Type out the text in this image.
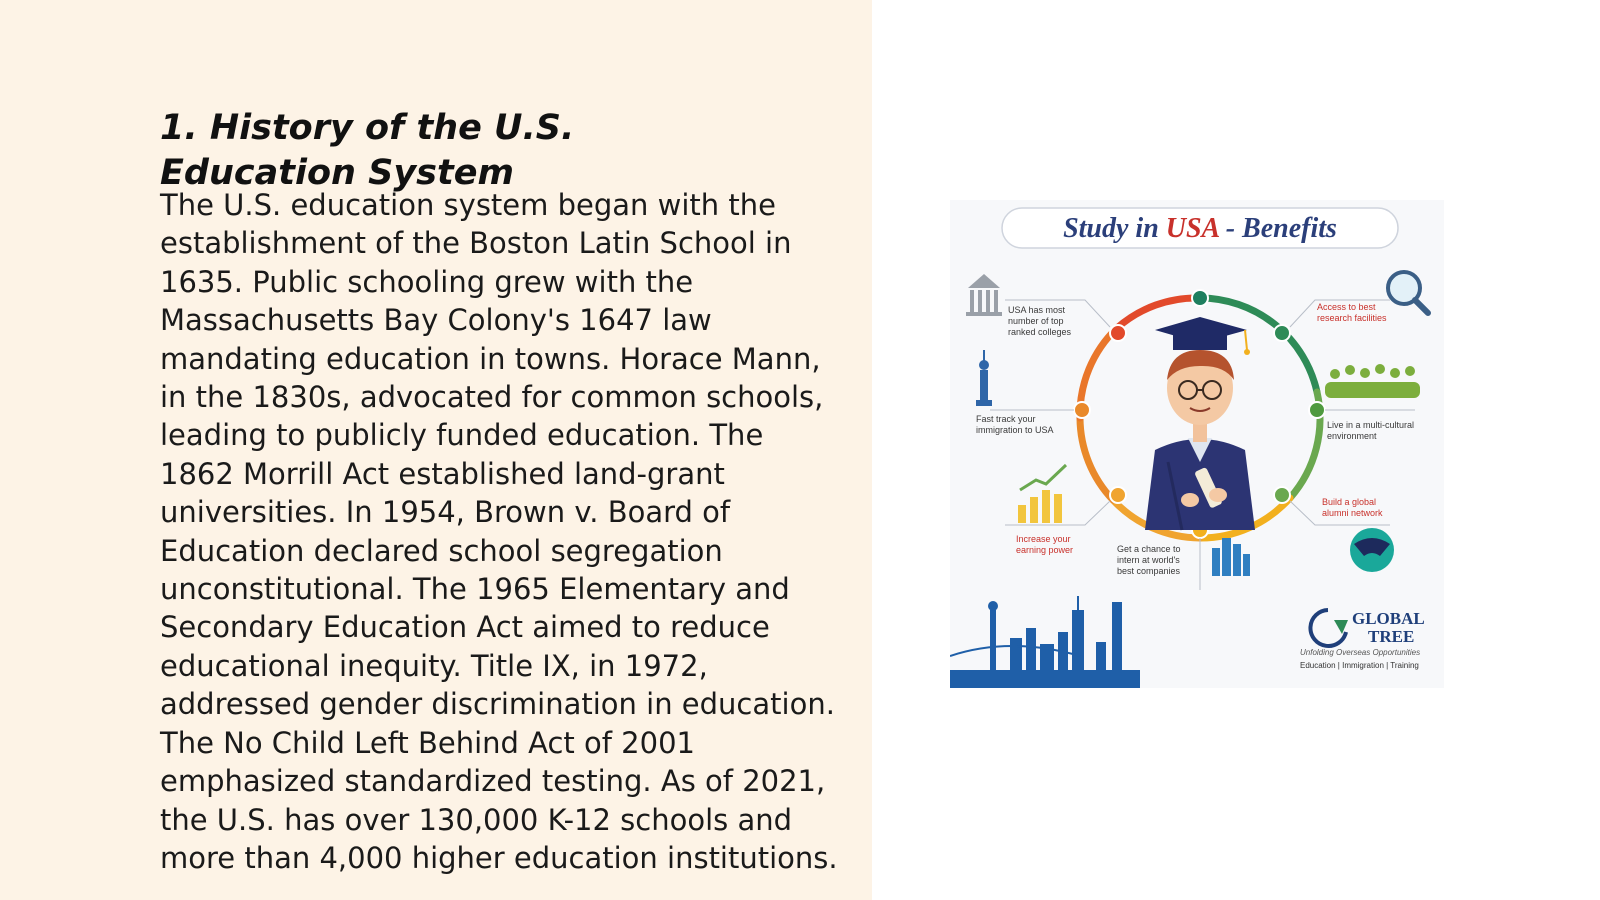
1. History of the U.S. Education System

The U.S. education system began with the establishment of the Boston Latin School in 1635. Public schooling grew with the Massachusetts Bay Colony's 1647 law mandating education in towns. Horace Mann, in the 1830s, advocated for common schools, leading to publicly funded education. The 1862 Morrill Act established land-grant universities. In 1954, Brown v. Board of Education declared school segregation unconstitutional. The 1965 Elementary and Secondary Education Act aimed to reduce educational inequity. Title IX, in 1972, addressed gender discrimination in education. The No Child Left Behind Act of 2001 emphasized standardized testing. As of 2021, the U.S. has over 130,000 K-12 schools and more than 4,000 higher education institutions.

Study in USA - Benefits
USA has most number of top ranked colleges
Access to best research facilities
Fast track your immigration to USA	Live in a multi-cultural environment
Increase your earning power	Get a chance to intern at world's best companies
Build a global alumni network
GLOBAL
TREE
Unfolding Overseas Opportunities
Education | Immigration | Training
